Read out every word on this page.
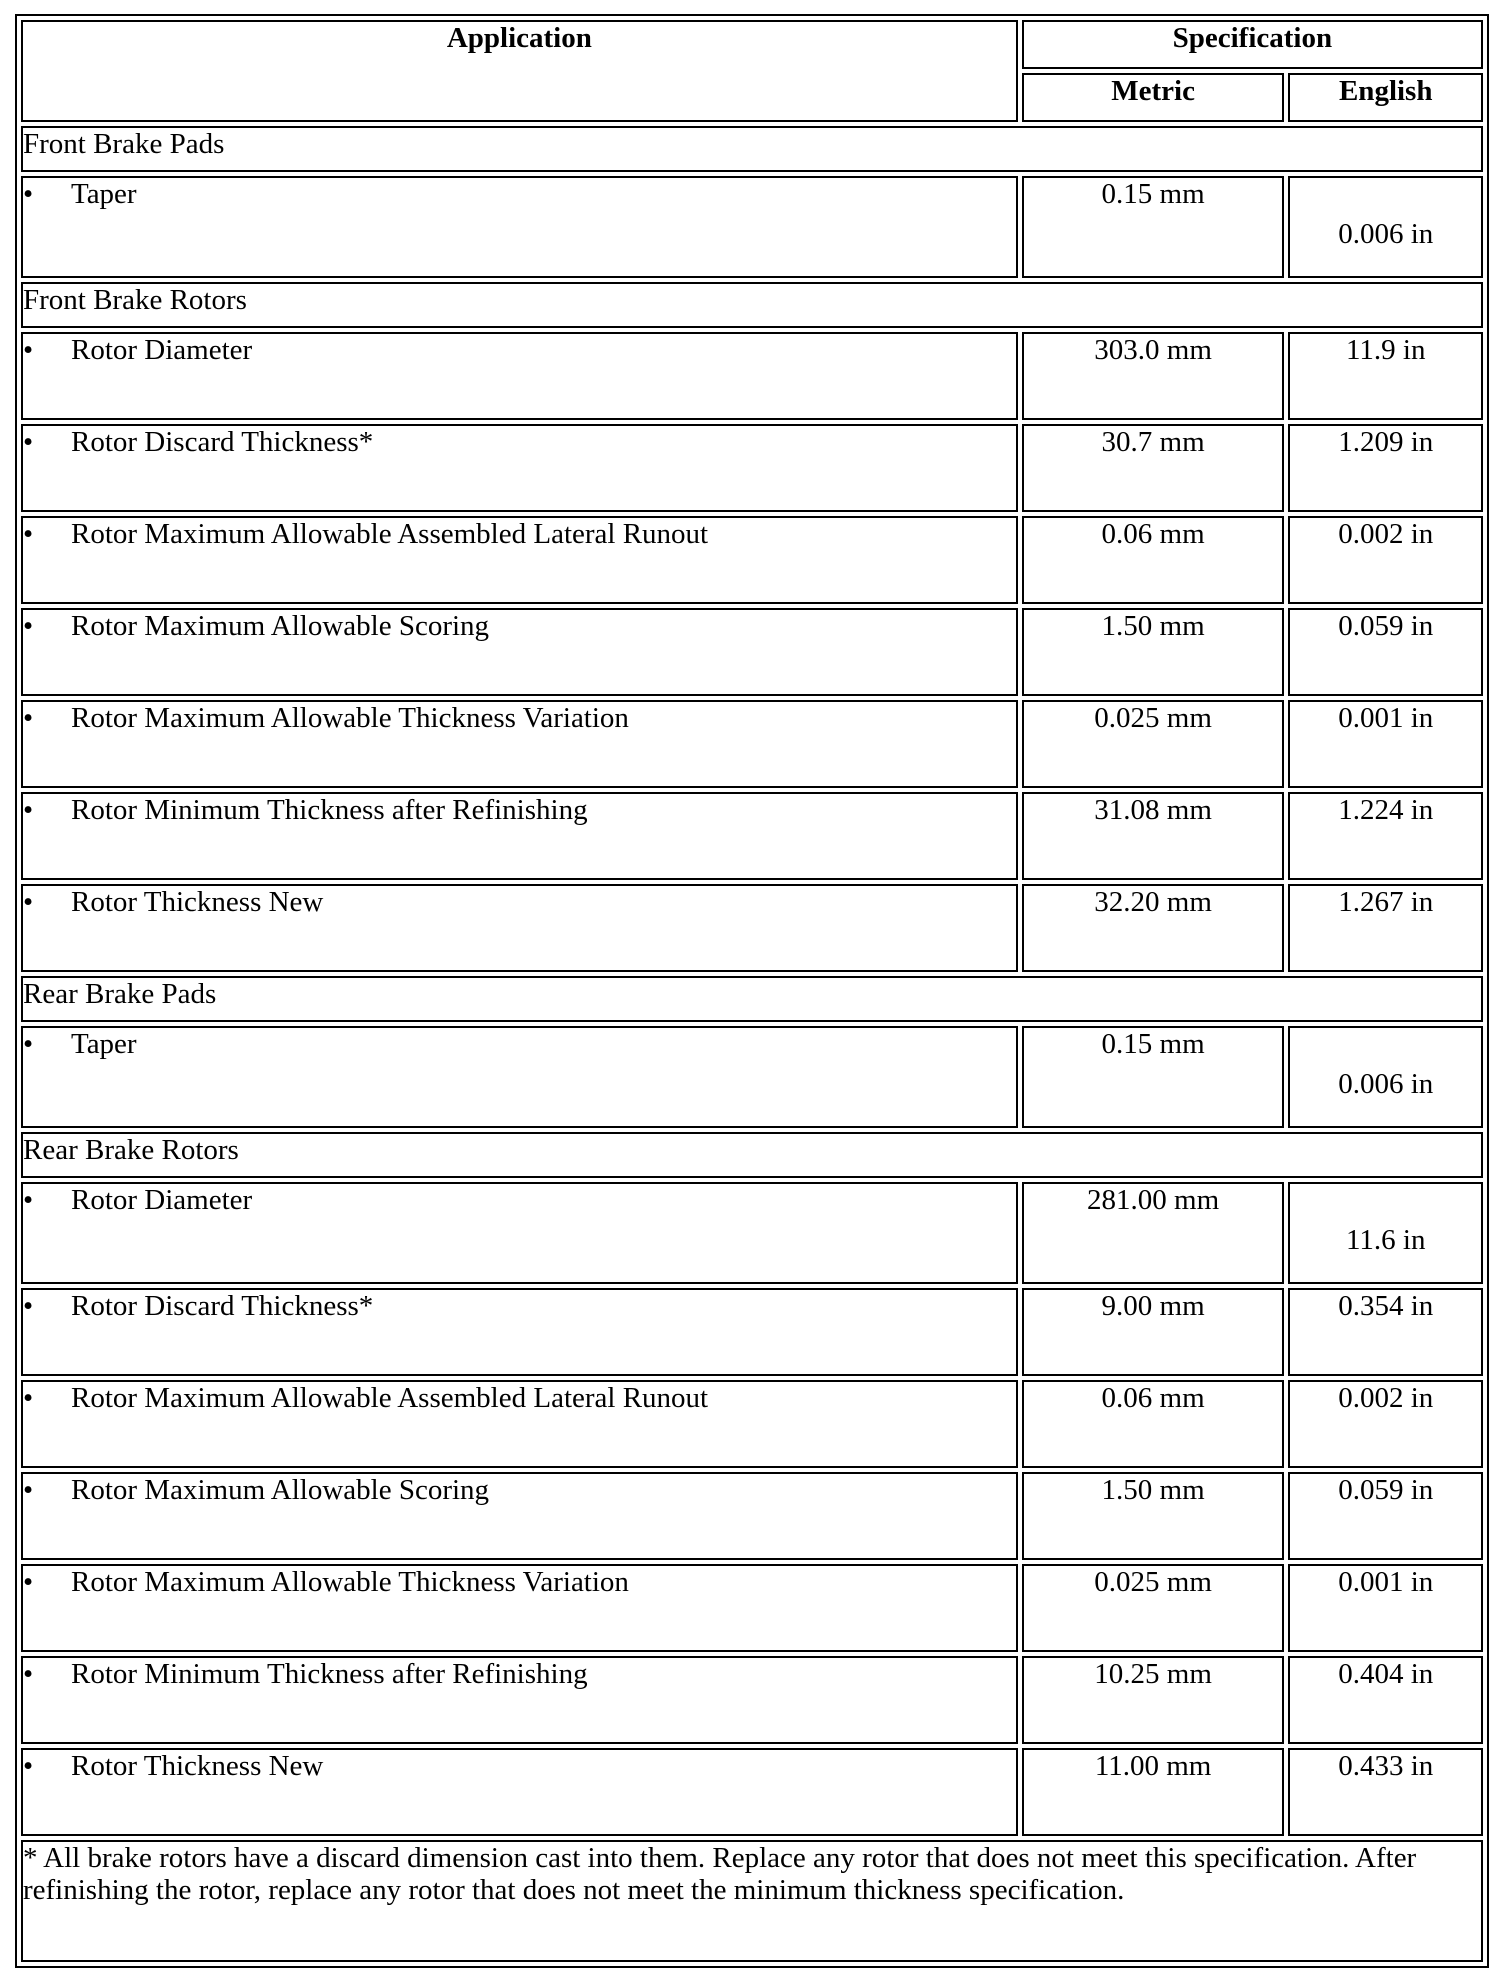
Application	Specification	
	Metric	English
Front Brake Pads		
• Taper	0.15 mm	0.006 in
Front Brake Rotors		
• Rotor Diameter	303.0 mm	11.9 in
• Rotor Discard Thickness*	30.7 mm	1.209 in
• Rotor Maximum Allowable Assembled Lateral Runout	0.06 mm	0.002 in
• Rotor Maximum Allowable Scoring	1.50 mm	0.059 in
• Rotor Maximum Allowable Thickness Variation	0.025 mm	0.001 in
• Rotor Minimum Thickness after Refinishing	31.08 mm	1.224 in
• Rotor Thickness New	32.20 mm	1.267 in
Rear Brake Pads		
• Taper	0.15 mm	0.006 in
Rear Brake Rotors		
• Rotor Diameter	281.00 mm	11.6 in
• Rotor Discard Thickness*	9.00 mm	0.354 in
• Rotor Maximum Allowable Assembled Lateral Runout	0.06 mm	0.002 in
• Rotor Maximum Allowable Scoring	1.50 mm	0.059 in
• Rotor Maximum Allowable Thickness Variation	0.025 mm	0.001 in
• Rotor Minimum Thickness after Refinishing	10.25 mm	0.404 in
• Rotor Thickness New	11.00 mm	0.433 in
* All brake rotors have a discard dimension cast into them. Replace any rotor that does not meet this specification. After refinishing the rotor, replace any rotor that does not meet the minimum thickness specification.		
